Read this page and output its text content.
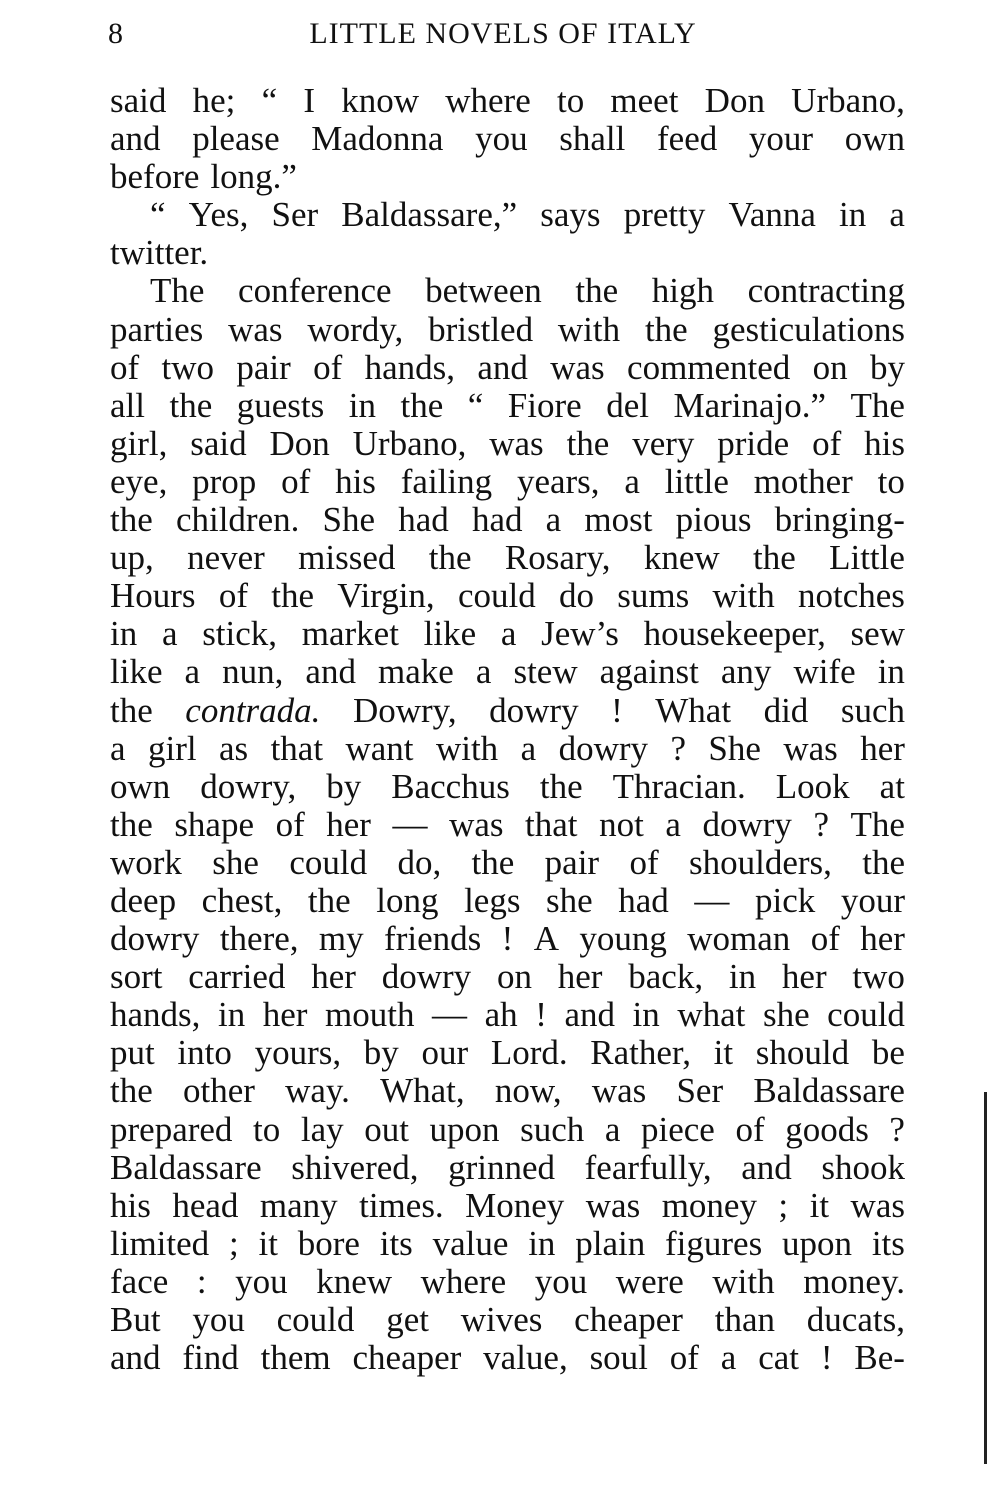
8	LITTLE NOVELS OF ITALY
said he; “ I know where to meet Don Urbano,
and please Madonna you shall feed your own
before long.”
“ Yes, Ser Baldassare,” says pretty Vanna in a
twitter.
The conference between the high contracting
parties was wordy, bristled with the gesticulations
of two pair of hands, and was commented on by
all the guests in the “ Fiore del Marinajo.” The
girl, said Don Urbano, was the very pride of his
eye, prop of his failing years, a little mother to
the children. She had had a most pious bringing-
up, never missed the Rosary, knew the Little
Hours of the Virgin, could do sums with notches
in a stick, market like a Jew’s housekeeper, sew
like a nun, and make a stew against any wife in
the contrada. Dowry, dowry ! What did such
a girl as that want with a dowry ? She was her
own dowry, by Bacchus the Thracian. Look at
the shape of her — was that not a dowry ? The
work she could do, the pair of shoulders, the
deep chest, the long legs she had — pick your
dowry there, my friends ! A young woman of her
sort carried her dowry on her back, in her two
hands, in her mouth — ah ! and in what she could
put into yours, by our Lord. Rather, it should be
the other way. What, now, was Ser Baldassare
prepared to lay out upon such a piece of goods ?
Baldassare shivered, grinned fearfully, and shook
his head many times. Money was money ; it was
limited ; it bore its value in plain figures upon its
face : you knew where you were with money.
But you could get wives cheaper than ducats,
and find them cheaper value, soul of a cat ! Be-
